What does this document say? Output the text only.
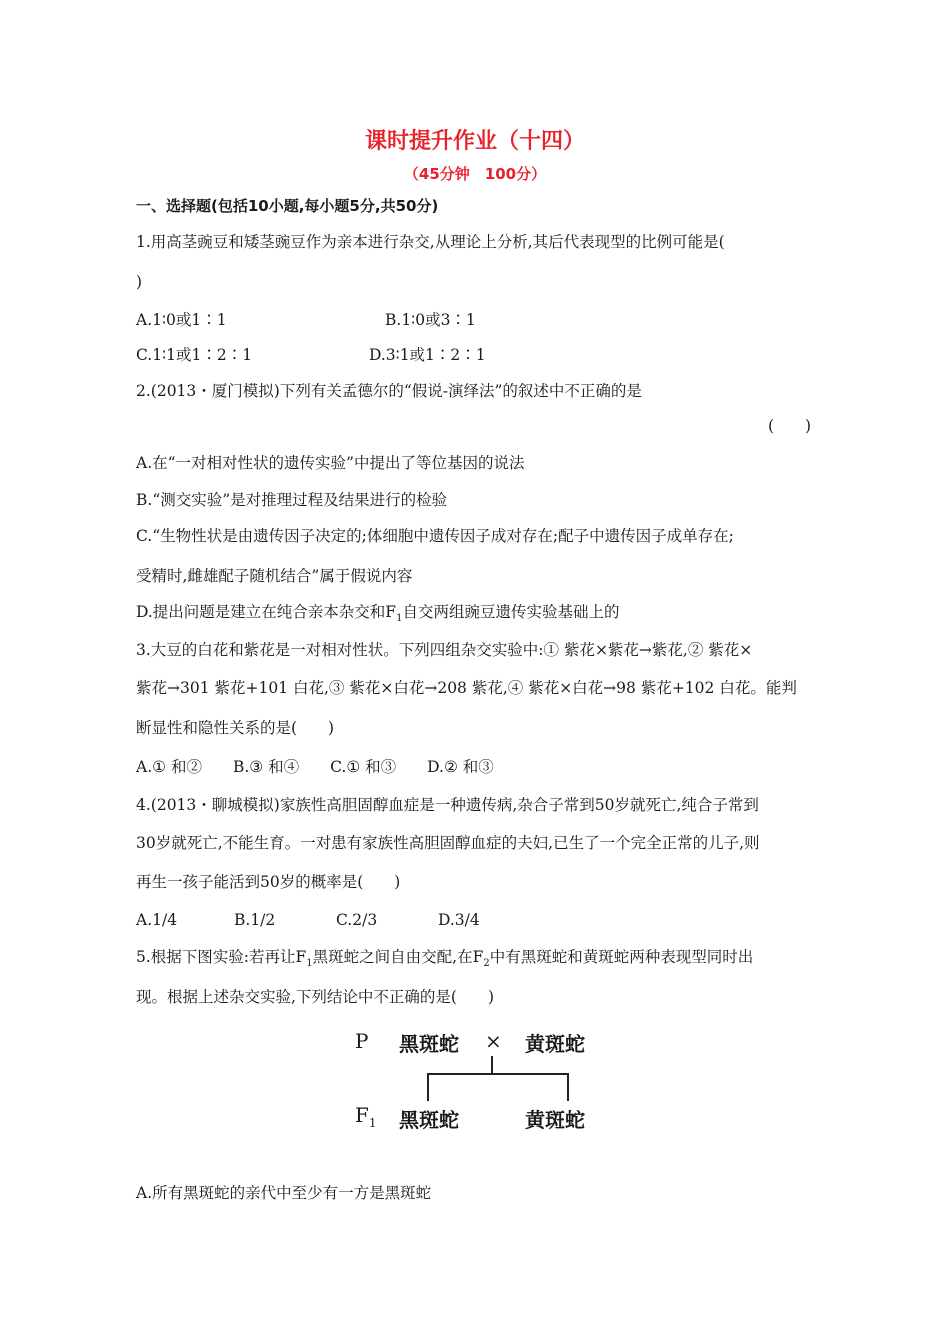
课时提升作业（十四）
（45分钟　100分）
一、选择题(包括10小题,每小题5分,共50分)
1.用高茎豌豆和矮茎豌豆作为亲本进行杂交,从理论上分析,其后代表现型的比例可能是(
)
A.1∶0或1∶1	B.1∶0或3∶1
C.1∶1或1∶2∶1	D.3∶1或1∶2∶1
2.(2013・厦门模拟)下列有关孟德尔的“假说-演绎法”的叙述中不正确的是
(　　)
A.在“一对相对性状的遗传实验”中提出了等位基因的说法
B.“测交实验”是对推理过程及结果进行的检验
C.“生物性状是由遗传因子决定的;体细胞中遗传因子成对存在;配子中遗传因子成单存在;
受精时,雌雄配子随机结合”属于假说内容
D.提出问题是建立在纯合亲本杂交和$F_1$自交两组豌豆遗传实验基础上的
3.大豆的白花和紫花是一对相对性状。下列四组杂交实验中:① 紫花×紫花→紫花,② 紫花×
紫花→301 紫花+101 白花,③ 紫花×白花→208 紫花,④ 紫花×白花→98 紫花+102 白花。能判
断显性和隐性关系的是(　　)
A.① 和②　　B.③ 和④　　C.① 和③　　D.② 和③
4.(2013・聊城模拟)家族性高胆固醇血症是一种遗传病,杂合子常到50岁就死亡,纯合子常到
30岁就死亡,不能生育。一对患有家族性高胆固醇血症的夫妇,已生了一个完全正常的儿子,则
再生一孩子能活到50岁的概率是(　　)
A.1/4	B.1/2	C.2/3	D.3/4
5.根据下图实验:若再让$F_1$黑斑蛇之间自由交配,在$F_2$中有黑斑蛇和黄斑蛇两种表现型同时出
现。根据上述杂交实验,下列结论中不正确的是(　　)
P 黑斑蛇 × 黄斑蛇
$F_1$ 黑斑蛇	黄斑蛇
A.所有黑斑蛇的亲代中至少有一方是黑斑蛇
